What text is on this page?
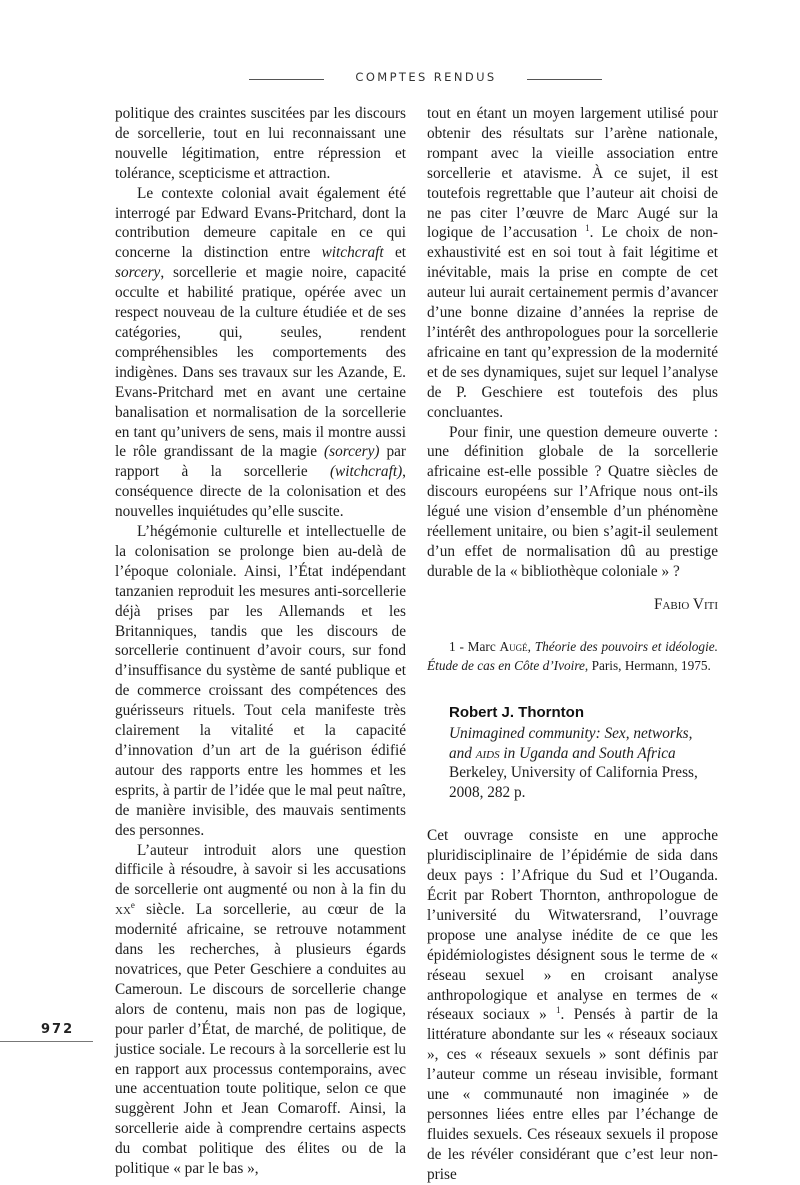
COMPTES RENDUS

politique des craintes suscitées par les discours de sorcellerie, tout en lui reconnaissant une nouvelle légitimation, entre répression et tolérance, scepticisme et attraction.

Le contexte colonial avait également été interrogé par Edward Evans-Pritchard, dont la contribution demeure capitale en ce qui concerne la distinction entre witchcraft et sorcery, sorcellerie et magie noire, capacité occulte et habilité pratique, opérée avec un respect nouveau de la culture étudiée et de ses catégories, qui, seules, rendent compréhensibles les comportements des indigènes. Dans ses travaux sur les Azande, E. Evans-Pritchard met en avant une certaine banalisation et normalisation de la sorcellerie en tant qu’univers de sens, mais il montre aussi le rôle grandissant de la magie (sorcery) par rapport à la sorcellerie (witchcraft), conséquence directe de la colonisation et des nouvelles inquiétudes qu’elle suscite.

L’hégémonie culturelle et intellectuelle de la colonisation se prolonge bien au-delà de l’époque coloniale. Ainsi, l’État indépendant tanzanien reproduit les mesures anti-sorcellerie déjà prises par les Allemands et les Britanniques, tandis que les discours de sorcellerie continuent d’avoir cours, sur fond d’insuffisance du système de santé publique et de commerce croissant des compétences des guérisseurs rituels. Tout cela manifeste très clairement la vitalité et la capacité d’innovation d’un art de la guérison édifié autour des rapports entre les hommes et les esprits, à partir de l’idée que le mal peut naître, de manière invisible, des mauvais sentiments des personnes.

L’auteur introduit alors une question difficile à résoudre, à savoir si les accusations de sorcellerie ont augmenté ou non à la fin du $xx^e$ siècle. La sorcellerie, au cœur de la modernité africaine, se retrouve notamment dans les recherches, à plusieurs égards novatrices, que Peter Geschiere a conduites au Cameroun. Le discours de sorcellerie change alors de contenu, mais non pas de logique, pour parler d’État, de marché, de politique, de justice sociale. Le recours à la sorcellerie est lu en rapport aux processus contemporains, avec une accentuation toute politique, selon ce que suggèrent John et Jean Comaroff. Ainsi, la sorcellerie aide à comprendre certains aspects du combat politique des élites ou de la politique « par le bas »,

tout en étant un moyen largement utilisé pour obtenir des résultats sur l’arène nationale, rompant avec la vieille association entre sorcellerie et atavisme. À ce sujet, il est toutefois regrettable que l’auteur ait choisi de ne pas citer l’œuvre de Marc Augé sur la logique de l’accusation $^1$. Le choix de non-exhaustivité est en soi tout à fait légitime et inévitable, mais la prise en compte de cet auteur lui aurait certainement permis d’avancer d’une bonne dizaine d’années la reprise de l’intérêt des anthropologues pour la sorcellerie africaine en tant qu’expression de la modernité et de ses dynamiques, sujet sur lequel l’analyse de P. Geschiere est toutefois des plus concluantes.

Pour finir, une question demeure ouverte : une définition globale de la sorcellerie africaine est-elle possible ? Quatre siècles de discours européens sur l’Afrique nous ont-ils légué une vision d’ensemble d’un phénomène réellement unitaire, ou bien s’agit-il seulement d’un effet de normalisation dû au prestige durable de la « bibliothèque coloniale » ?

Fabio Viti

1 - Marc Augé, Théorie des pouvoirs et idéologie. Étude de cas en Côte d’Ivoire, Paris, Hermann, 1975.

Robert J. Thornton
Unimagined community: Sex, networks, and aids in Uganda and South Africa
Berkeley, University of California Press, 2008, 282 p.

Cet ouvrage consiste en une approche pluridisciplinaire de l’épidémie de sida dans deux pays : l’Afrique du Sud et l’Ouganda. Écrit par Robert Thornton, anthropologue de l’université du Witwatersrand, l’ouvrage propose une analyse inédite de ce que les épidémiologistes désignent sous le terme de « réseau sexuel » en croisant analyse anthropologique et analyse en termes de « réseaux sociaux » $^1$. Pensés à partir de la littérature abondante sur les « réseaux sociaux », ces « réseaux sexuels » sont définis par l’auteur comme un réseau invisible, formant une « communauté non imaginée » de personnes liées entre elles par l’échange de fluides sexuels. Ces réseaux sexuels il propose de les révéler considérant que c’est leur non-prise

972
